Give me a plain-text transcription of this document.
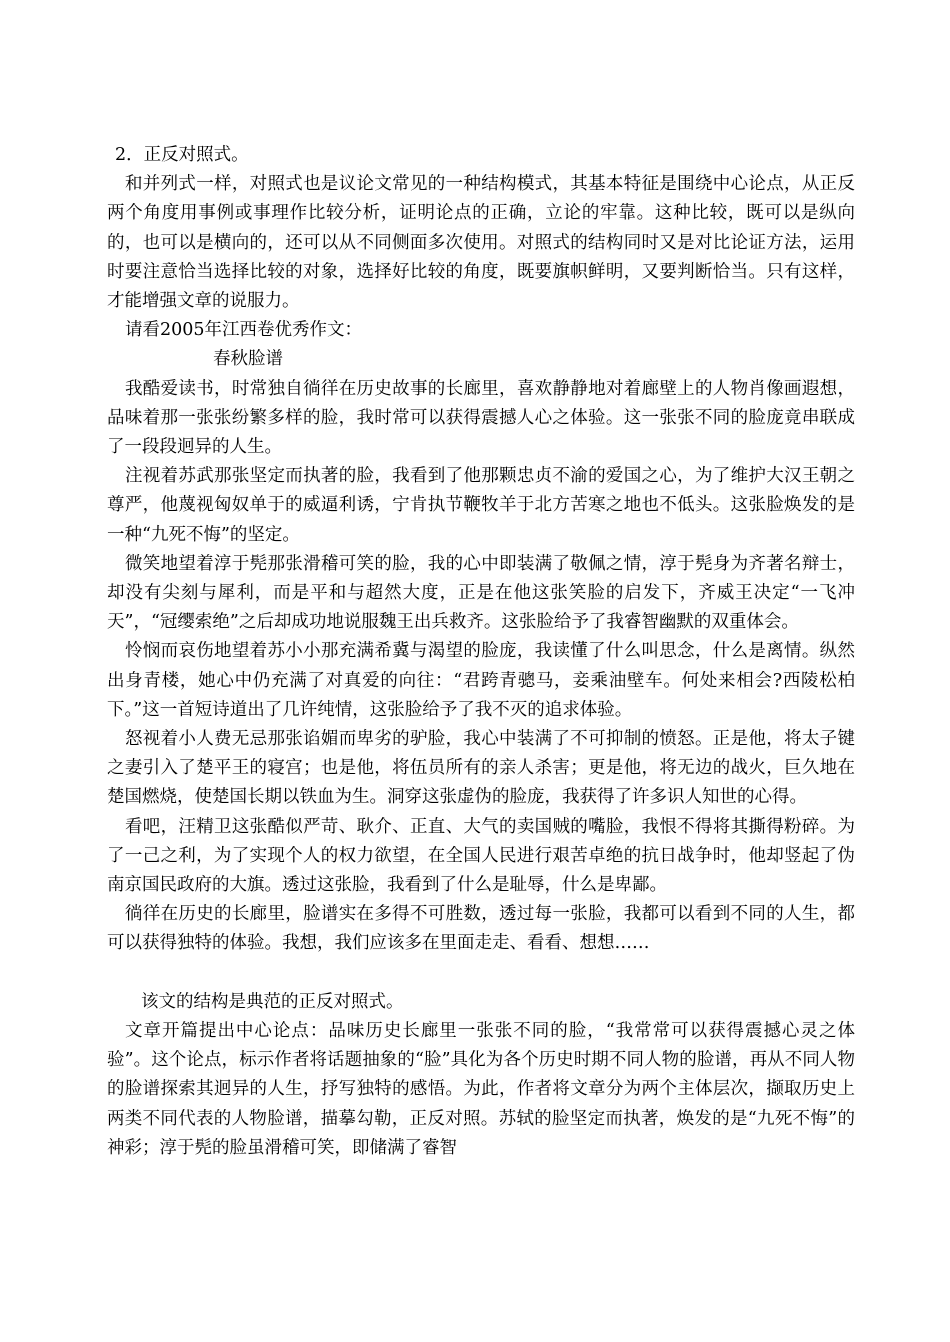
2．正反对照式。

和并列式一样，对照式也是议论文常见的一种结构模式，其基本特征是围绕中心论点，从正反两个角度用事例或事理作比较分析，证明论点的正确，立论的牢靠。这种比较，既可以是纵向的，也可以是横向的，还可以从不同侧面多次使用。对照式的结构同时又是对比论证方法，运用时要注意恰当选择比较的对象，选择好比较的角度，既要旗帜鲜明，又要判断恰当。只有这样，才能增强文章的说服力。

请看2005年江西卷优秀作文：

春秋脸谱

我酷爱读书，时常独自徜徉在历史故事的长廊里，喜欢静静地对着廊壁上的人物肖像画遐想，品味着那一张张纷繁多样的脸，我时常可以获得震撼人心之体验。这一张张不同的脸庞竟串联成了一段段迥异的人生。

注视着苏武那张坚定而执著的脸，我看到了他那颗忠贞不渝的爱国之心，为了维护大汉王朝之尊严，他蔑视匈奴单于的威逼利诱，宁肯执节鞭牧羊于北方苦寒之地也不低头。这张脸焕发的是一种“九死不悔”的坚定。

微笑地望着淳于髡那张滑稽可笑的脸，我的心中即装满了敬佩之情，淳于髡身为齐著名辩士，却没有尖刻与犀利，而是平和与超然大度，正是在他这张笑脸的启发下，齐威王决定“一飞冲天”，“冠缨索绝”之后却成功地说服魏王出兵救齐。这张脸给予了我睿智幽默的双重体会。

怜悯而哀伤地望着苏小小那充满希冀与渴望的脸庞，我读懂了什么叫思念，什么是离情。纵然出身青楼，她心中仍充满了对真爱的向往：“君跨青骢马，妾乘油壁车。何处来相会?西陵松柏下。”这一首短诗道出了几许纯情，这张脸给予了我不灭的追求体验。

怒视着小人费无忌那张谄媚而卑劣的驴脸，我心中装满了不可抑制的愤怒。正是他，将太子键之妻引入了楚平王的寝宫；也是他，将伍员所有的亲人杀害；更是他，将无边的战火，巨久地在楚国燃烧，使楚国长期以铁血为生。洞穿这张虚伪的脸庞，我获得了许多识人知世的心得。

看吧，汪精卫这张酷似严苛、耿介、正直、大气的卖国贼的嘴脸，我恨不得将其撕得粉碎。为了一己之利，为了实现个人的权力欲望，在全国人民进行艰苦卓绝的抗日战争时，他却竖起了伪南京国民政府的大旗。透过这张脸，我看到了什么是耻辱，什么是卑鄙。

徜徉在历史的长廊里，脸谱实在多得不可胜数，透过每一张脸，我都可以看到不同的人生，都可以获得独特的体验。我想，我们应该多在里面走走、看看、想想……

该文的结构是典范的正反对照式。

文章开篇提出中心论点：品味历史长廊里一张张不同的脸，“我常常可以获得震撼心灵之体验”。这个论点，标示作者将话题抽象的“脸”具化为各个历史时期不同人物的脸谱，再从不同人物的脸谱探索其迥异的人生，抒写独特的感悟。为此，作者将文章分为两个主体层次，撷取历史上两类不同代表的人物脸谱，描摹勾勒，正反对照。苏轼的脸坚定而执著，焕发的是“九死不悔”的神彩；淳于髡的脸虽滑稽可笑，即储满了睿智
